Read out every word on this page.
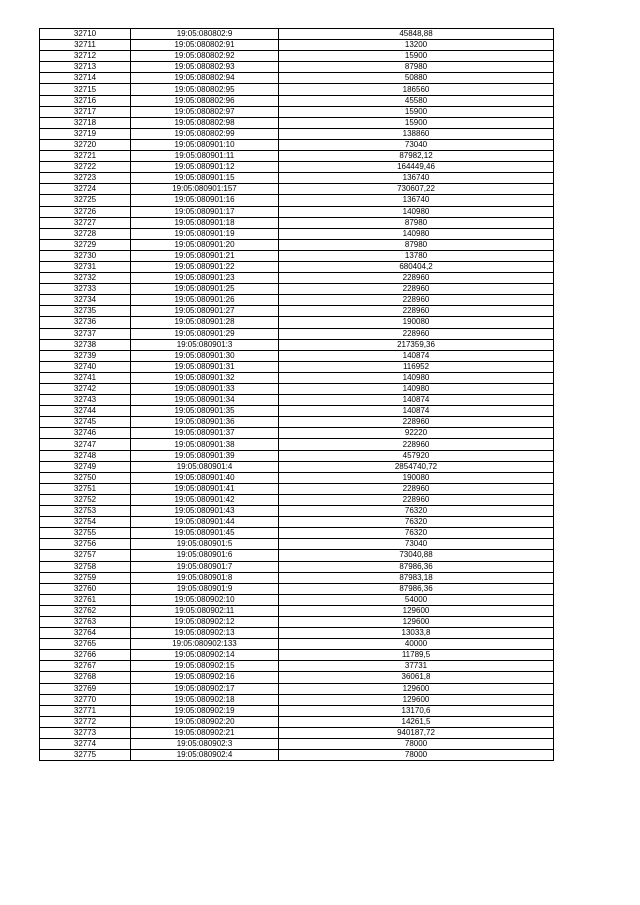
32710	19:05:080802:9	45848,88
32711	19:05:080802:91	13200
32712	19:05:080802:92	15900
32713	19:05:080802:93	87980
32714	19:05:080802:94	50880
32715	19:05:080802:95	186560
32716	19:05:080802:96	45580
32717	19:05:080802:97	15900
32718	19:05:080802:98	15900
32719	19:05:080802:99	138860
32720	19:05:080901:10	73040
32721	19:05:080901:11	87982,12
32722	19:05:080901:12	164449,46
32723	19:05:080901:15	136740
32724	19:05:080901:157	730607,22
32725	19:05:080901:16	136740
32726	19:05:080901:17	140980
32727	19:05:080901:18	87980
32728	19:05:080901:19	140980
32729	19:05:080901:20	87980
32730	19:05:080901:21	13780
32731	19:05:080901:22	680404,2
32732	19:05:080901:23	228960
32733	19:05:080901:25	228960
32734	19:05:080901:26	228960
32735	19:05:080901:27	228960
32736	19:05:080901:28	190080
32737	19:05:080901:29	228960
32738	19:05:080901:3	217359,36
32739	19:05:080901:30	140874
32740	19:05:080901:31	116952
32741	19:05:080901:32	140980
32742	19:05:080901:33	140980
32743	19:05:080901:34	140874
32744	19:05:080901:35	140874
32745	19:05:080901:36	228960
32746	19:05:080901:37	92220
32747	19:05:080901:38	228960
32748	19:05:080901:39	457920
32749	19:05:080901:4	2854740,72
32750	19:05:080901:40	190080
32751	19:05:080901:41	228960
32752	19:05:080901:42	228960
32753	19:05:080901:43	76320
32754	19:05:080901:44	76320
32755	19:05:080901:45	76320
32756	19:05:080901:5	73040
32757	19:05:080901:6	73040,88
32758	19:05:080901:7	87986,36
32759	19:05:080901:8	87983,18
32760	19:05:080901:9	87986,36
32761	19:05:080902:10	54000
32762	19:05:080902:11	129600
32763	19:05:080902:12	129600
32764	19:05:080902:13	13033,8
32765	19:05:080902:133	40000
32766	19:05:080902:14	11789,5
32767	19:05:080902:15	37731
32768	19:05:080902:16	36061,8
32769	19:05:080902:17	129600
32770	19:05:080902:18	129600
32771	19:05:080902:19	13170,6
32772	19:05:080902:20	14261,5
32773	19:05:080902:21	940187,72
32774	19:05:080902:3	78000
32775	19:05:080902:4	78000
